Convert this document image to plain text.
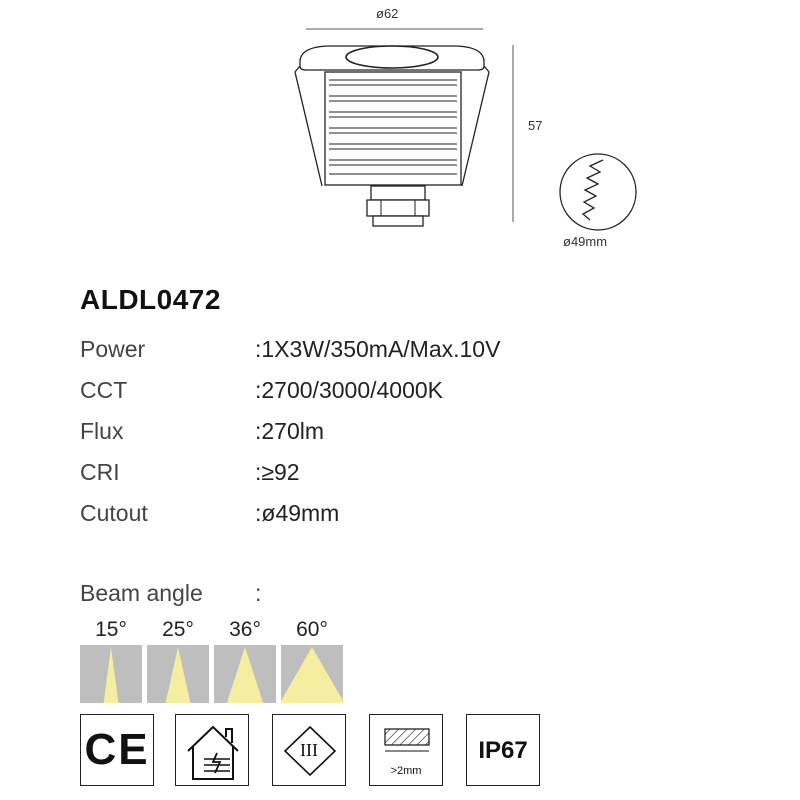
ø62
57
ø49mm
ALDL0472
Power	:1X3W/350mA/Max.10V
CCT	:2700/3000/4000K
Flux	:270lm
CRI	:≥92
Cutout	:ø49mm
Beam angle :
15°	25°	36°	60°
CE	III
>2mm
IP67
